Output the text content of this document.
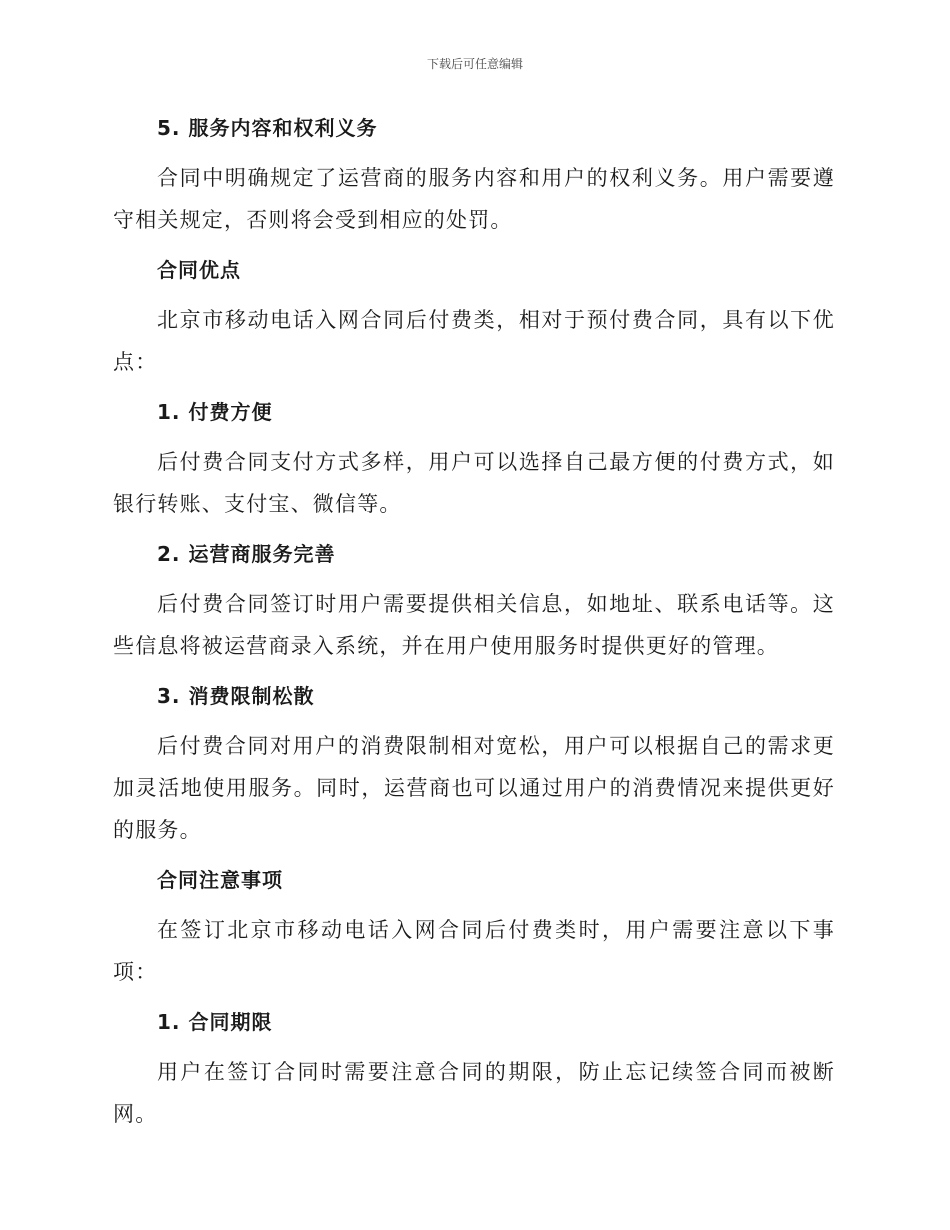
下载后可任意编辑

5. 服务内容和权利义务

合同中明确规定了运营商的服务内容和用户的权利义务。用户需要遵守相关规定，否则将会受到相应的处罚。

合同优点

北京市移动电话入网合同后付费类，相对于预付费合同，具有以下优点：

1. 付费方便

后付费合同支付方式多样，用户可以选择自己最方便的付费方式，如银行转账、支付宝、微信等。

2. 运营商服务完善

后付费合同签订时用户需要提供相关信息，如地址、联系电话等。这些信息将被运营商录入系统，并在用户使用服务时提供更好的管理。

3. 消费限制松散

后付费合同对用户的消费限制相对宽松，用户可以根据自己的需求更加灵活地使用服务。同时，运营商也可以通过用户的消费情况来提供更好的服务。

合同注意事项

在签订北京市移动电话入网合同后付费类时，用户需要注意以下事项：

1. 合同期限

用户在签订合同时需要注意合同的期限，防止忘记续签合同而被断网。
